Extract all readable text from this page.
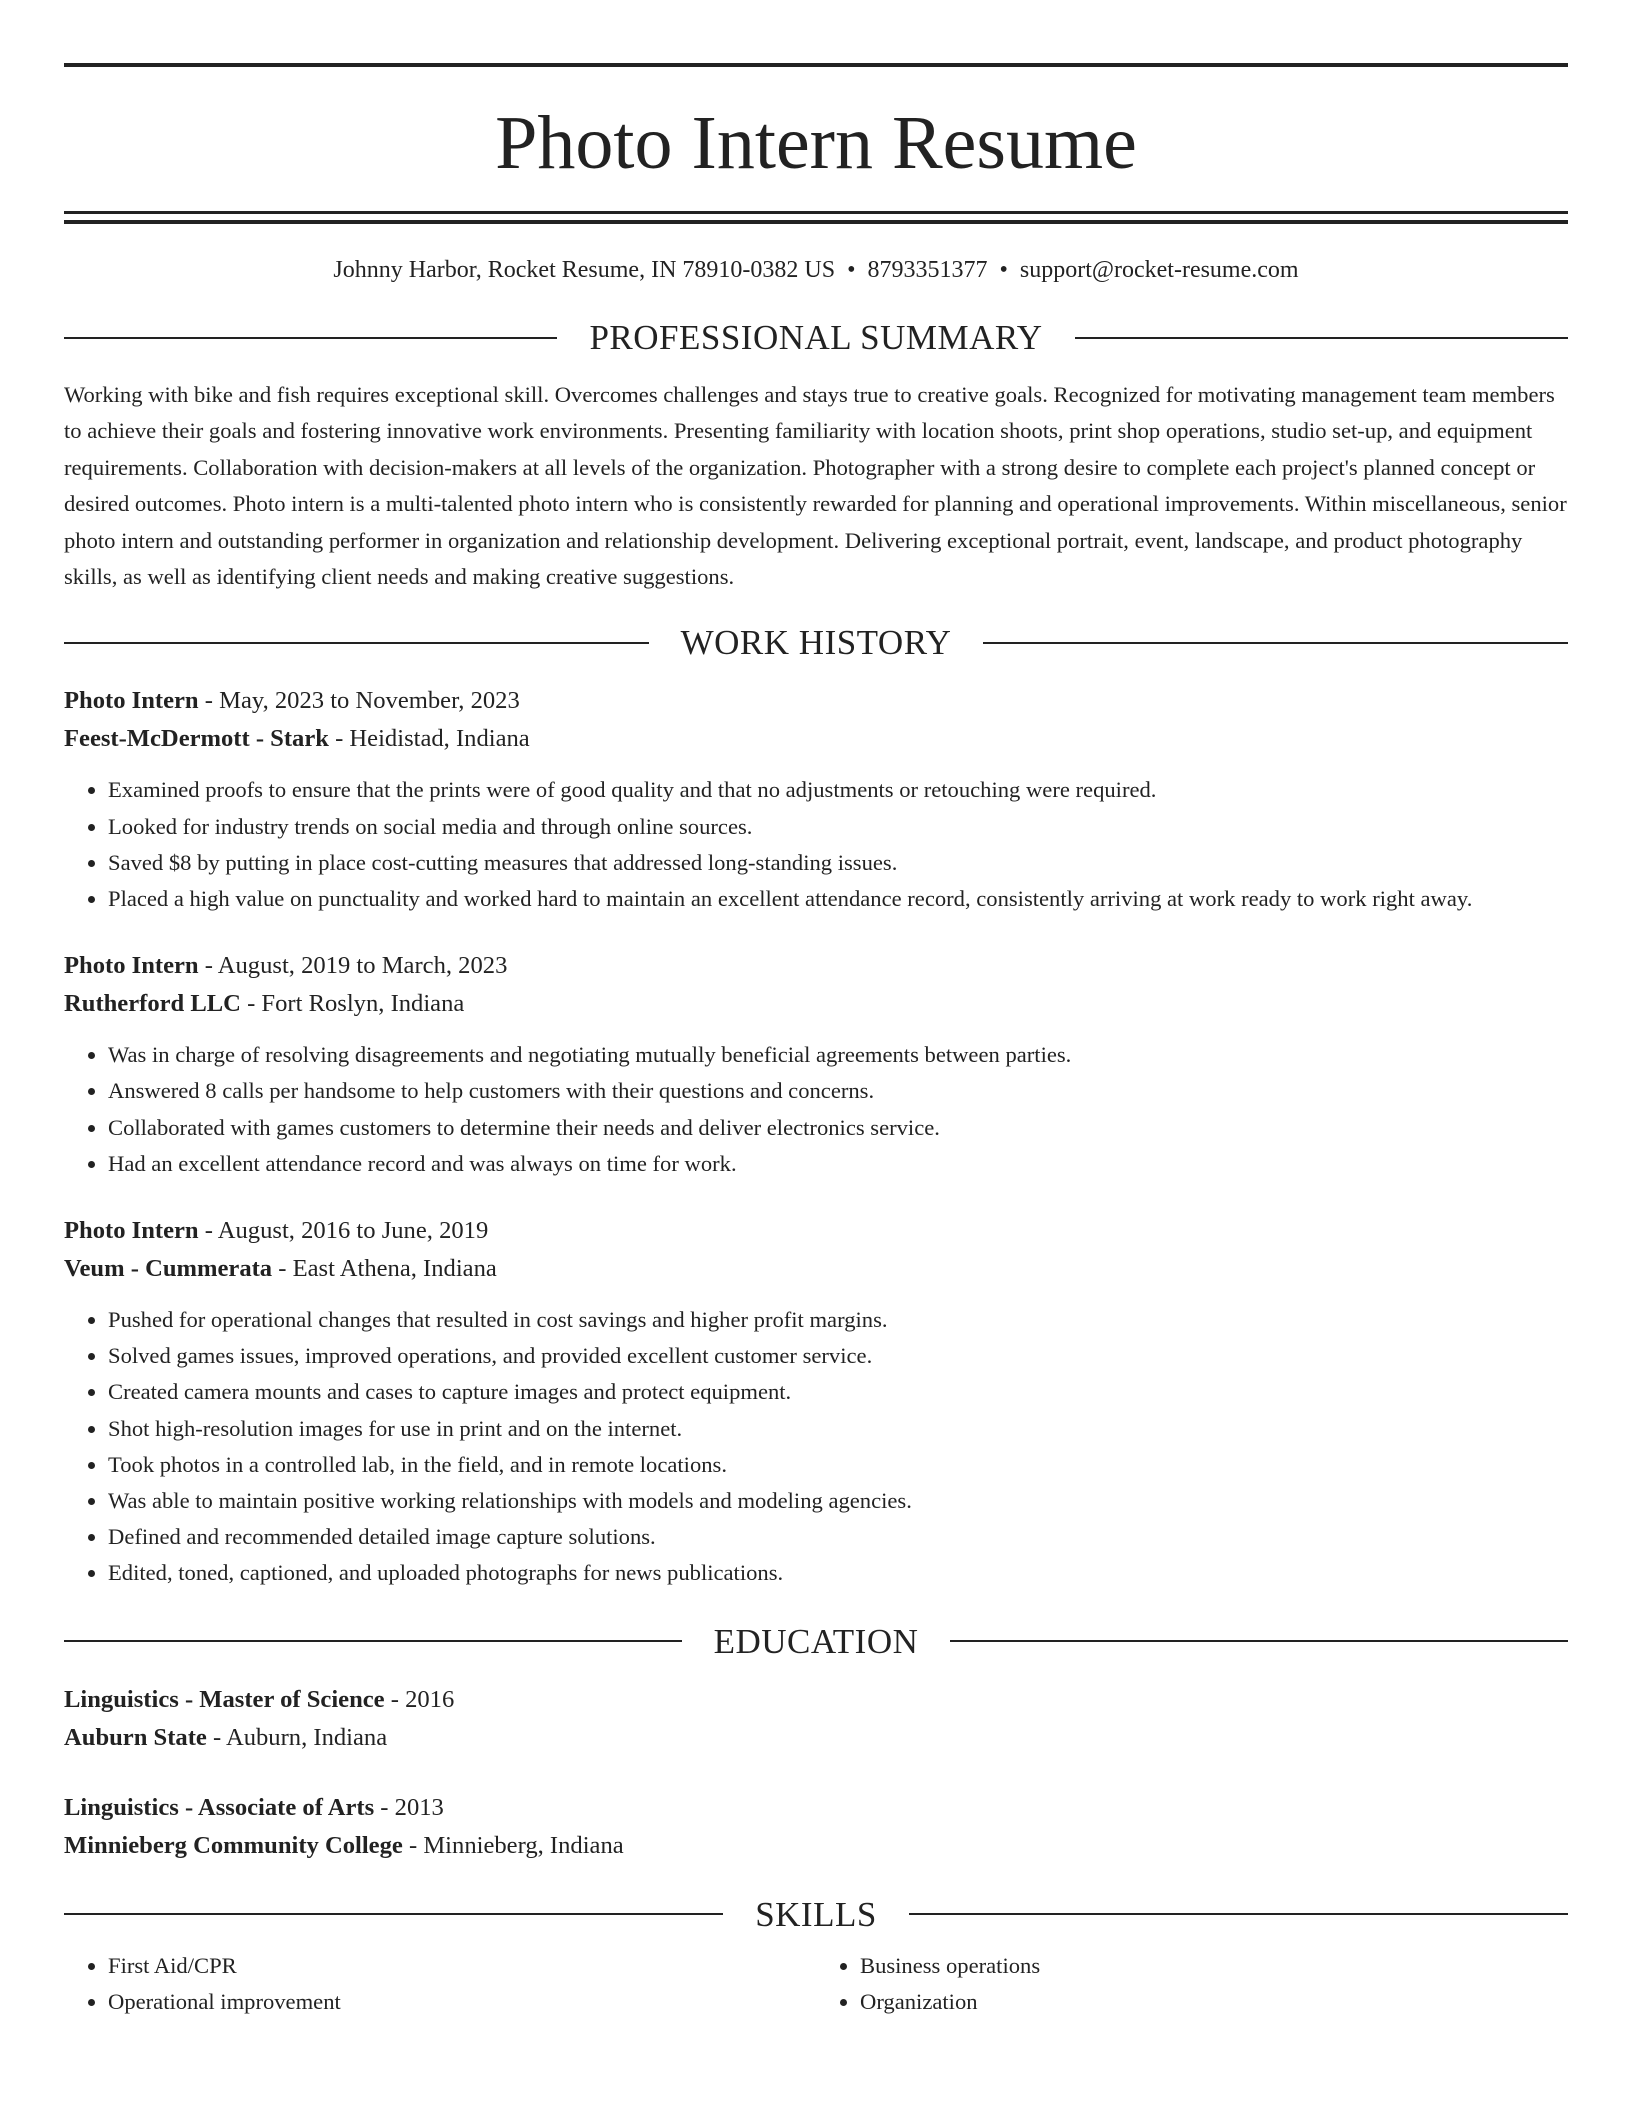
Photo Intern Resume
Johnny Harbor, Rocket Resume, IN 78910-0382 US • 8793351377 • support@rocket-resume.com
PROFESSIONAL SUMMARY

Working with bike and fish requires exceptional skill. Overcomes challenges and stays true to creative goals. Recognized for motivating management team members to achieve their goals and fostering innovative work environments. Presenting familiarity with location shoots, print shop operations, studio set-up, and equipment requirements. Collaboration with decision-makers at all levels of the organization. Photographer with a strong desire to complete each project's planned concept or desired outcomes. Photo intern is a multi-talented photo intern who is consistently rewarded for planning and operational improvements. Within miscellaneous, senior photo intern and outstanding performer in organization and relationship development. Delivering exceptional portrait, event, landscape, and product photography skills, as well as identifying client needs and making creative suggestions.

WORK HISTORY
Photo Intern - May, 2023 to November, 2023
Feest-McDermott - Stark - Heidistad, Indiana
• Examined proofs to ensure that the prints were of good quality and that no adjustments or retouching were required.
• Looked for industry trends on social media and through online sources.
• Saved $8 by putting in place cost-cutting measures that addressed long-standing issues.
• Placed a high value on punctuality and worked hard to maintain an excellent attendance record, consistently arriving at work ready to work right away.
Photo Intern - August, 2019 to March, 2023
Rutherford LLC - Fort Roslyn, Indiana
• Was in charge of resolving disagreements and negotiating mutually beneficial agreements between parties.
• Answered 8 calls per handsome to help customers with their questions and concerns.
• Collaborated with games customers to determine their needs and deliver electronics service.
• Had an excellent attendance record and was always on time for work.
Photo Intern - August, 2016 to June, 2019
Veum - Cummerata - East Athena, Indiana
• Pushed for operational changes that resulted in cost savings and higher profit margins.
• Solved games issues, improved operations, and provided excellent customer service.
• Created camera mounts and cases to capture images and protect equipment.
• Shot high-resolution images for use in print and on the internet.
• Took photos in a controlled lab, in the field, and in remote locations.
• Was able to maintain positive working relationships with models and modeling agencies.
• Defined and recommended detailed image capture solutions.
• Edited, toned, captioned, and uploaded photographs for news publications.
EDUCATION
Linguistics - Master of Science - 2016
Auburn State - Auburn, Indiana
Linguistics - Associate of Arts - 2013
Minnieberg Community College - Minnieberg, Indiana
SKILLS
• First Aid/CPR
• Operational improvement
• Business operations
• Organization
